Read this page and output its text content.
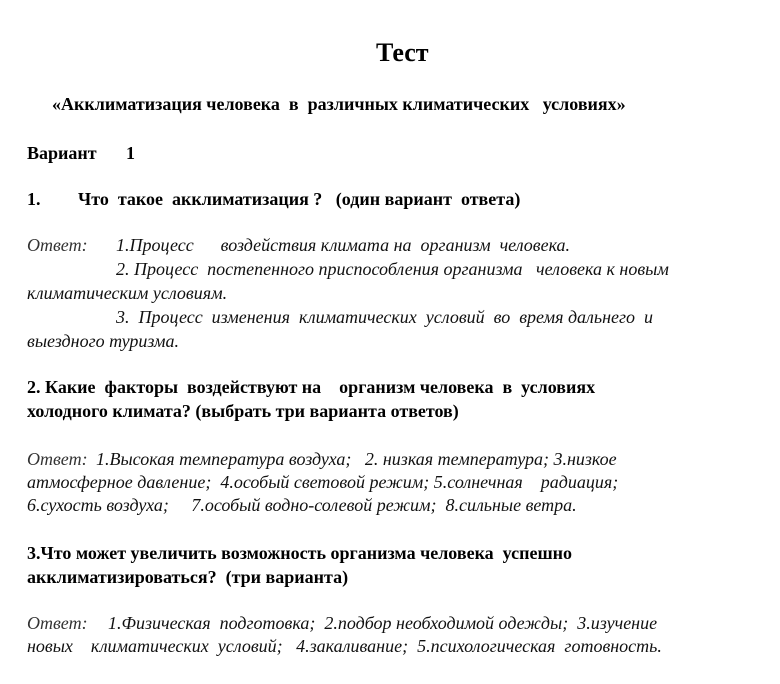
Тест
«Акклиматизация человека  в  различных климатических   условиях»
Вариант 1
1. Что  такое  акклиматизация ?   (один вариант  ответа)
Ответ: 1.Процесс      воздействия климата на  организм  человека.
2. Процесс  постепенного приспособления организма   человека к новым
климатическим условиям.
3.  Процесс  изменения  климатических  условий  во  время дальнего  и
выездного туризма.
2. Какие  факторы  воздействуют на    организм человека  в  условиях
холодного климата? (выбрать три варианта ответов)
Ответ: 1.Высокая температура воздуха;   2. низкая температура; 3.низкое
атмосферное давление;  4.особый световой режим; 5.солнечная    радиация;
6.сухость воздуха;     7.особый водно-солевой режим;  8.сильные ветра.
3.Что может увеличить возможность организма человека  успешно
акклиматизироваться?  (три варианта)
Ответ: 1.Физическая  подготовка;  2.подбор необходимой одежды;  3.изучение
новых    климатических  условий;   4.закаливание;  5.психологическая  готовность.
